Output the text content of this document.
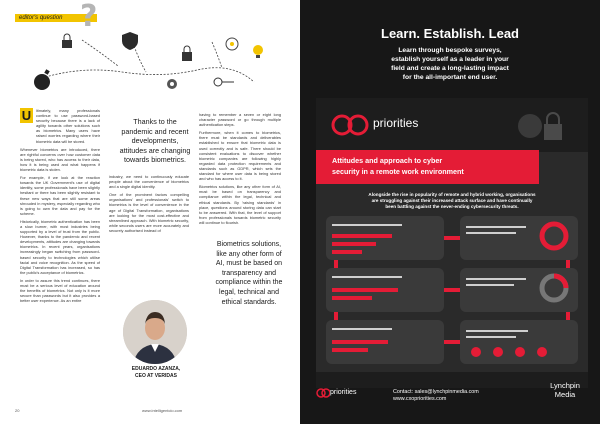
editor's question ?
U	ltimately, many professionals continue to use password-based security because there is a lack of agility towards other solutions such as biometrics. Many users have raised worries regarding where their biometric data will be stored.

Whenever biometrics are introduced, there are rightful concerns over how customer data is being stored, who has access to their data, how it is being used and what happens if biometric data is stolen.

For example, if we look at the reaction towards the UK Government's use of digital identity, some professionals have been slightly hesitant or there has been slightly resistant to these new ways that are still some areas shrouded in mystery, especially regarding who is going to own the data and pay for the scheme.

Historically, biometric authentication has been a slow burner, with most industries being supported by a level of trust from the public. However, thanks to the pandemic and recent developments, attitudes are changing towards biometrics. In recent years, organisations increasingly began switching from password-based security to technologies which utilise facial and voice recognition. As the speed of Digital Transformation has increased, so has the public's acceptance of biometrics.

In order to assure this trend continues, there must be a serious level of education around the benefits of biometrics. Not only is it more secure than passwords but it also provides a better user experience. As an entire

Thanks to the pandemic and recent developments, attitudes are changing towards biometrics.

industry, we need to continuously educate people about the convenience of biometrics and a single digital identity.

One of the prominent factors compelling organisations' and professionals' switch to biometrics is the level of convenience in the age of Digital Transformation, organisations are looking for the most cost-effective and streamlined approach. With biometric security, while seconds users are more accurately and securely authorised instead of

having to remember a seven or eight long character password or go through multiple authentication steps.

Furthermore, when it comes to biometrics, there must be standards and deliverables established to ensure that biometric data is used correctly and is safe. There should be consistent evaluations to discover whether biometric companies are following highly regarded data protection requirements and standards such as GDPR, which sets the standard for where user data is being stored and who has access to it.

Biometrics solutions, like any other form of AI, must be based on transparency and compliance within the legal, technical and ethical standards. By 'raising standards' in place, questions around storing data can start to be answered. With that, the level of support from professionals towards biometric security will continue to flourish.

Biometrics solutions, like any other form of AI, must be based on transparency and compliance within the legal, technical and ethical standards.
EDUARDO AZANZA,
CEO AT VERIDAS
20	www.intelligentcio.com
Learn. Establish. Lead
Learn through bespoke surveys,
establish yourself as a leader in your
field and create a long-lasting impact
for the all-important end user.
priorities
Attitudes and approach to cyber
security in a remote work environment
Alongside the rise in popularity of remote and hybrid working, organisations
are struggling against their increased attack surface and have continually
been battling against the never-ending cybersecurity threats.
priorities	Contact: sales@lynchpinmedia.com
www.cxopriorities.com
Lynchpin
Media
